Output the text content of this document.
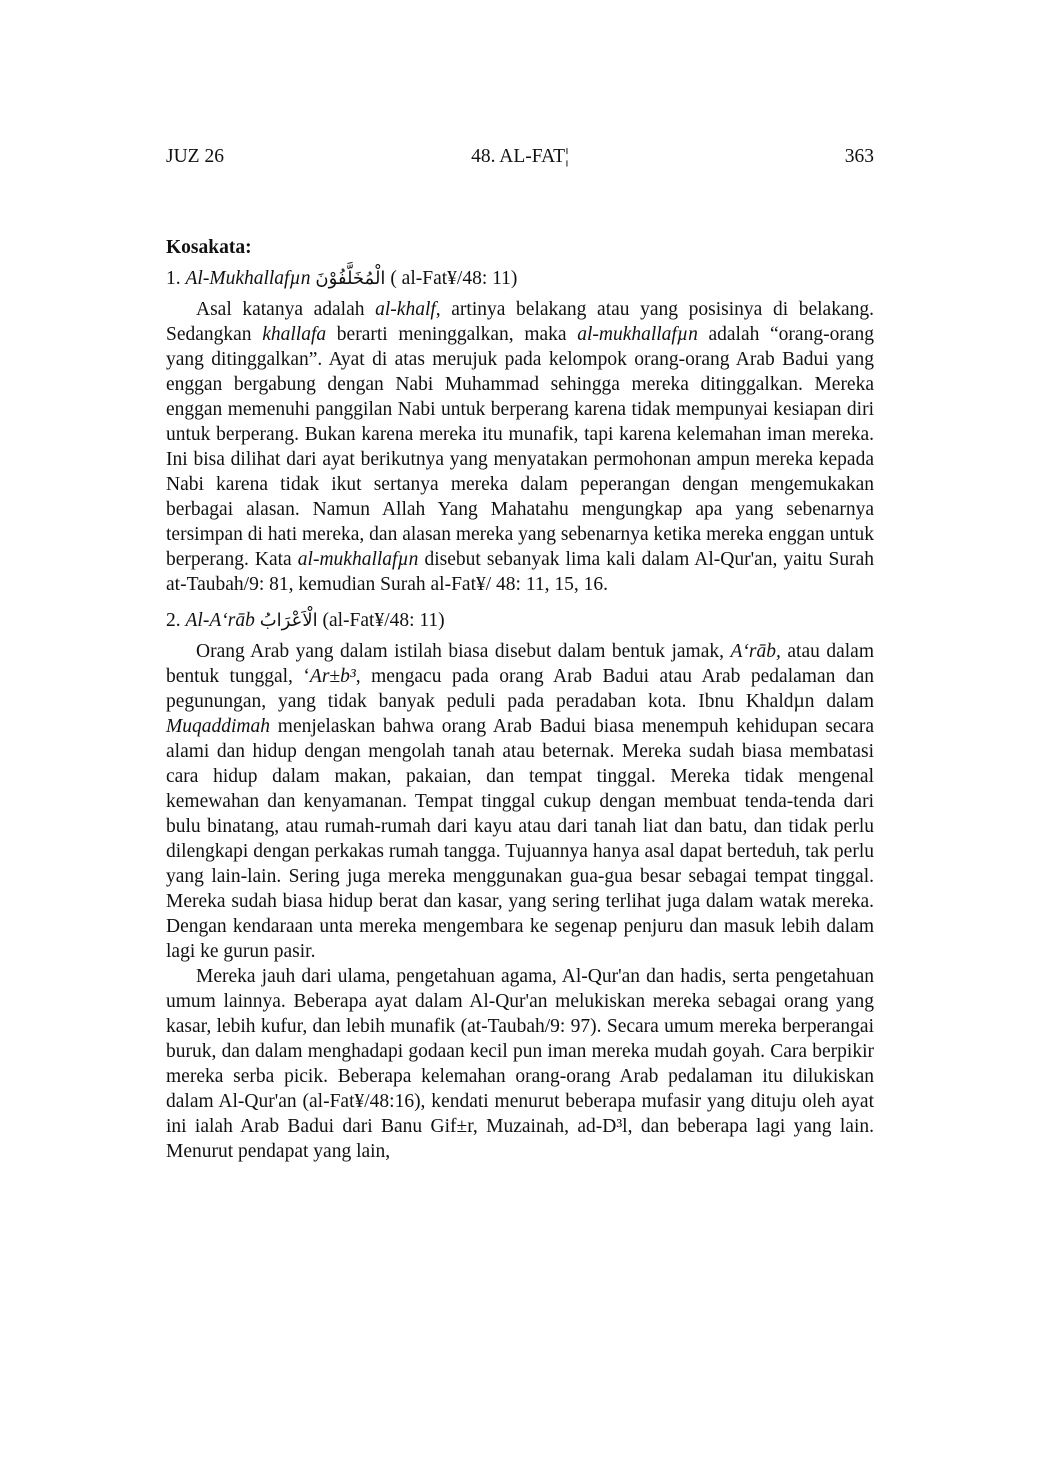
JUZ 26	48. AL-FAT¦	363

Kosakata:

1. Al-Mukhallafµn الْمُخَلَّفُوْنَ ( al-Fat¥/48: 11)

Asal katanya adalah al-khalf, artinya belakang atau yang posisinya di belakang. Sedangkan khallafa berarti meninggalkan, maka al-mukhallafµn adalah “orang-orang yang ditinggalkan”. Ayat di atas merujuk pada kelompok orang-orang Arab Badui yang enggan bergabung dengan Nabi Muhammad sehingga mereka ditinggalkan. Mereka enggan memenuhi panggilan Nabi untuk berperang karena tidak mempunyai kesiapan diri untuk berperang. Bukan karena mereka itu munafik, tapi karena kelemahan iman mereka. Ini bisa dilihat dari ayat berikutnya yang menyatakan permohonan ampun mereka kepada Nabi karena tidak ikut sertanya mereka dalam peperangan dengan mengemukakan berbagai alasan. Namun Allah Yang Mahatahu mengungkap apa yang sebenarnya tersimpan di hati mereka, dan alasan mereka yang sebenarnya ketika mereka enggan untuk berperang. Kata al-mukhallafµn disebut sebanyak lima kali dalam Al-Qur'an, yaitu Surah at-Taubah/9: 81, kemudian Surah al-Fat¥/ 48: 11, 15, 16.

2. Al-A‘rāb الْاَعْرَابُ (al-Fat¥/48: 11)

Orang Arab yang dalam istilah biasa disebut dalam bentuk jamak, A‘rāb, atau dalam bentuk tunggal, ‘Ar±b³, mengacu pada orang Arab Badui atau Arab pedalaman dan pegunungan, yang tidak banyak peduli pada peradaban kota. Ibnu Khaldµn dalam Muqaddimah menjelaskan bahwa orang Arab Badui biasa menempuh kehidupan secara alami dan hidup dengan mengolah tanah atau beternak. Mereka sudah biasa membatasi cara hidup dalam makan, pakaian, dan tempat tinggal. Mereka tidak mengenal kemewahan dan kenyamanan. Tempat tinggal cukup dengan membuat tenda-tenda dari bulu binatang, atau rumah-rumah dari kayu atau dari tanah liat dan batu, dan tidak perlu dilengkapi dengan perkakas rumah tangga. Tujuannya hanya asal dapat berteduh, tak perlu yang lain-lain. Sering juga mereka menggunakan gua-gua besar sebagai tempat tinggal. Mereka sudah biasa hidup berat dan kasar, yang sering terlihat juga dalam watak mereka. Dengan kendaraan unta mereka mengembara ke segenap penjuru dan masuk lebih dalam lagi ke gurun pasir.

Mereka jauh dari ulama, pengetahuan agama, Al-Qur'an dan hadis, serta pengetahuan umum lainnya. Beberapa ayat dalam Al-Qur'an melukiskan mereka sebagai orang yang kasar, lebih kufur, dan lebih munafik (at-Taubah/9: 97). Secara umum mereka berperangai buruk, dan dalam menghadapi godaan kecil pun iman mereka mudah goyah. Cara berpikir mereka serba picik. Beberapa kelemahan orang-orang Arab pedalaman itu dilukiskan dalam Al-Qur'an (al-Fat¥/48:16), kendati menurut beberapa mufasir yang dituju oleh ayat ini ialah Arab Badui dari Banu Gif±r, Muzainah, ad-D³l, dan beberapa lagi yang lain. Menurut pendapat yang lain,
